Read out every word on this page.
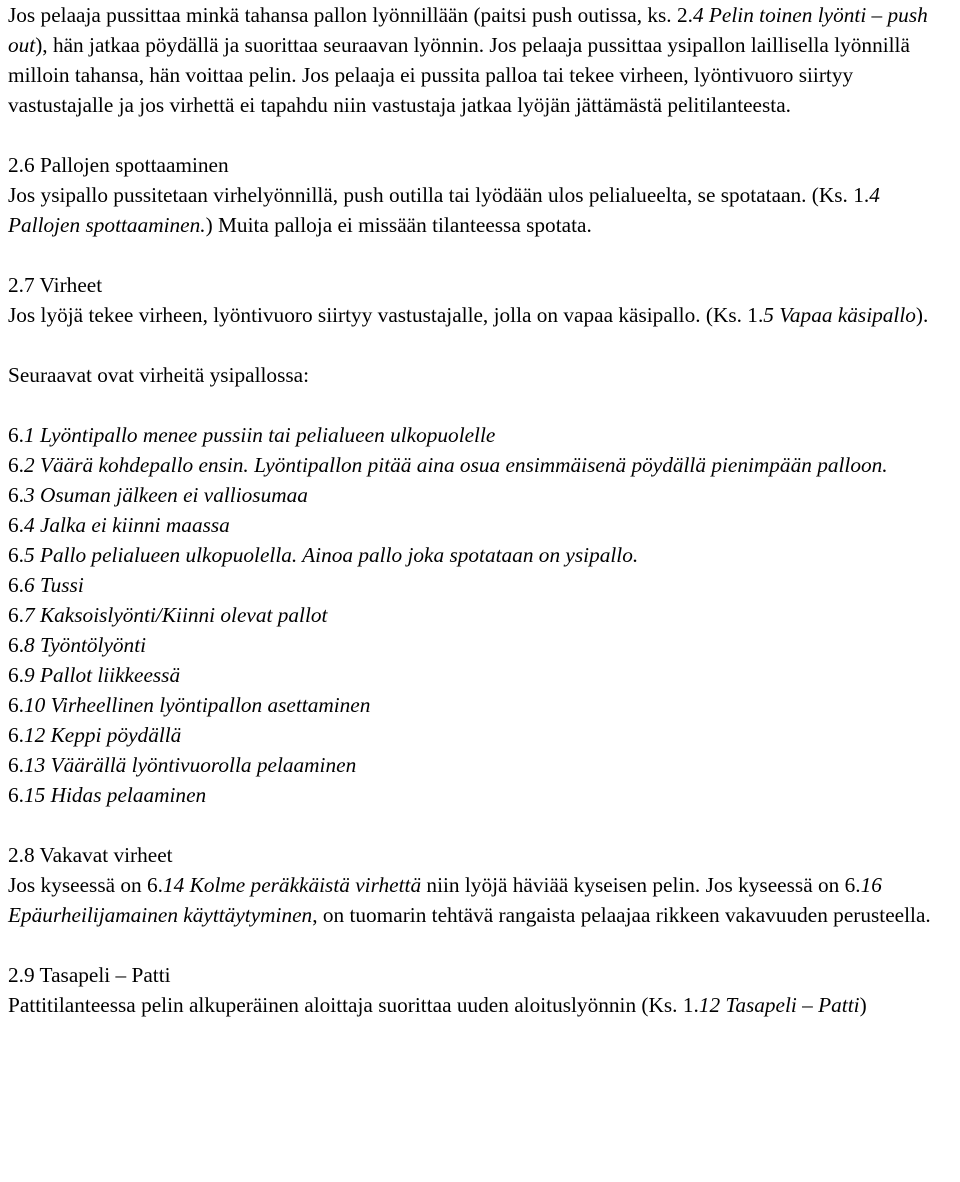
Jos pelaaja pussittaa minkä tahansa pallon lyönnillään (paitsi push outissa, ks. 2.4 Pelin toinen lyönti – push out), hän jatkaa pöydällä ja suorittaa seuraavan lyönnin. Jos pelaaja pussittaa ysipallon laillisella lyönnillä milloin tahansa, hän voittaa pelin. Jos pelaaja ei pussita palloa tai tekee virheen, lyöntivuoro siirtyy vastustajalle ja jos virhettä ei tapahdu niin vastustaja jatkaa lyöjän jättämästä pelitilanteesta.

2.6 Pallojen spottaaminen

Jos ysipallo pussitetaan virhelyönnillä, push outilla tai lyödään ulos pelialueelta, se spotataan. (Ks. 1.4 Pallojen spottaaminen.) Muita palloja ei missään tilanteessa spotata.

2.7 Virheet

Jos lyöjä tekee virheen, lyöntivuoro siirtyy vastustajalle, jolla on vapaa käsipallo. (Ks. 1.5 Vapaa käsipallo).

Seuraavat ovat virheitä ysipallossa:

6.1 Lyöntipallo menee pussiin tai pelialueen ulkopuolelle
6.2 Väärä kohdepallo ensin. Lyöntipallon pitää aina osua ensimmäisenä pöydällä pienimpään palloon.
6.3 Osuman jälkeen ei valliosumaa
6.4 Jalka ei kiinni maassa
6.5 Pallo pelialueen ulkopuolella. Ainoa pallo joka spotataan on ysipallo.
6.6 Tussi
6.7 Kaksoislyönti/Kiinni olevat pallot
6.8 Työntölyönti
6.9 Pallot liikkeessä
6.10 Virheellinen lyöntipallon asettaminen
6.12 Keppi pöydällä
6.13 Väärällä lyöntivuorolla pelaaminen
6.15 Hidas pelaaminen

2.8 Vakavat virheet

Jos kyseessä on 6.14 Kolme peräkkäistä virhettä niin lyöjä häviää kyseisen pelin. Jos kyseessä on 6.16 Epäurheilijamainen käyttäytyminen, on tuomarin tehtävä rangaista pelaajaa rikkeen vakavuuden perusteella.

2.9 Tasapeli – Patti

Pattitilanteessa pelin alkuperäinen aloittaja suorittaa uuden aloituslyönnin (Ks. 1.12 Tasapeli – Patti)
